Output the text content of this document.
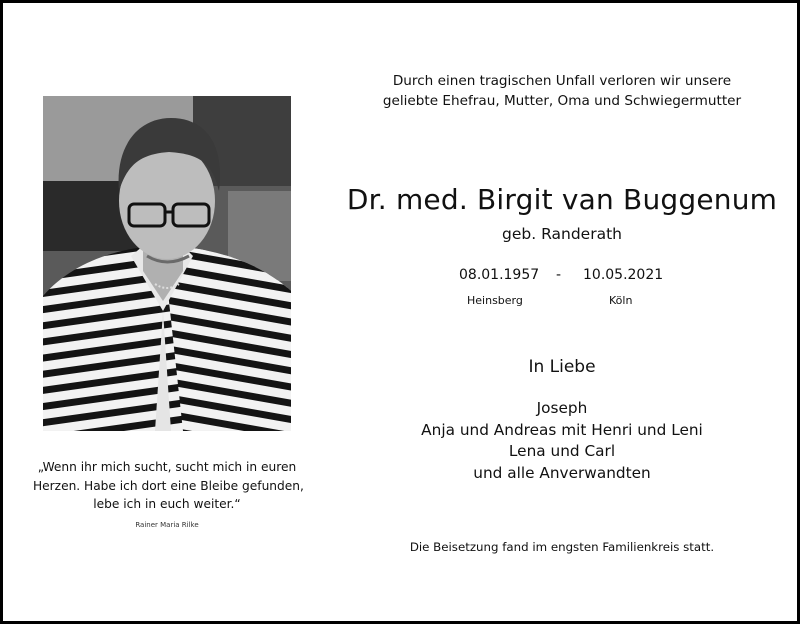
„Wenn ihr mich sucht, sucht mich in euren
Herzen. Habe ich dort eine Bleibe gefunden,
lebe ich in euch weiter.“
Rainer Maria Rilke
Durch einen tragischen Unfall verloren wir unsere
geliebte Ehefrau, Mutter, Oma und Schwiegermutter
Dr. med. Birgit van Buggenum
geb. Randerath
08.01.1957 - 10.05.2021
Heinsberg	Köln
In Liebe
Joseph
Anja und Andreas mit Henri und Leni
Lena und Carl
und alle Anverwandten
Die Beisetzung fand im engsten Familienkreis statt.
